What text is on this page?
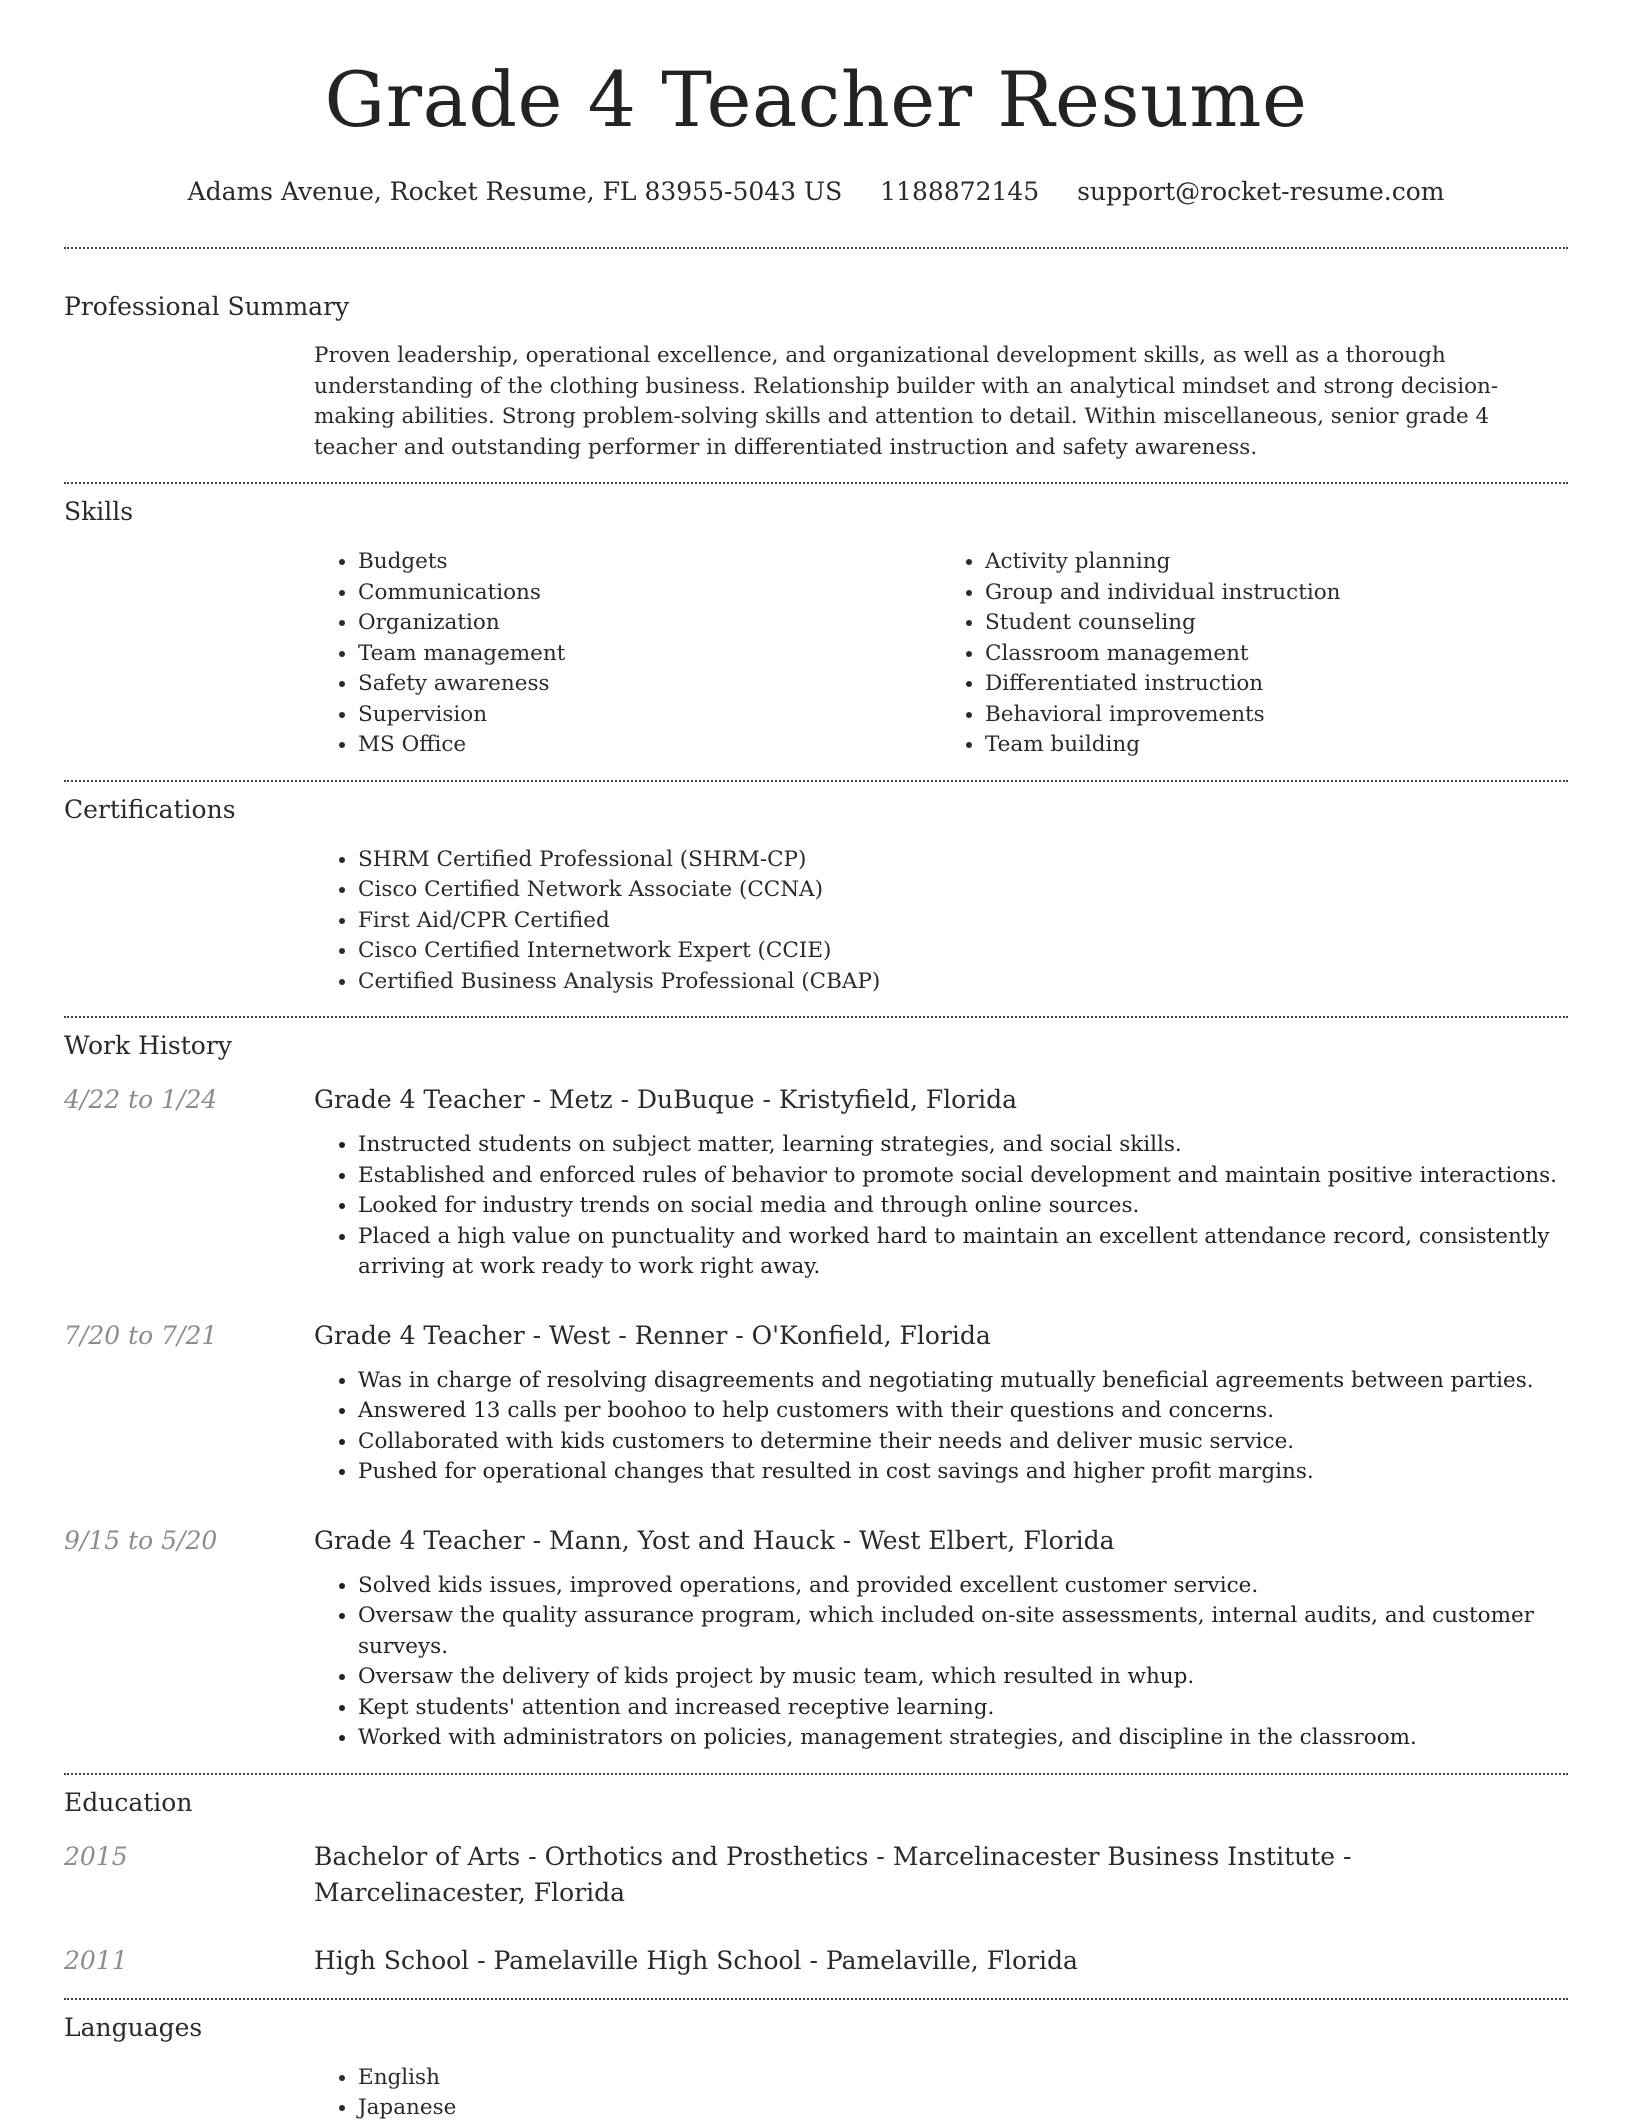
Grade 4 Teacher Resume
Adams Avenue, Rocket Resume, FL 83955-5043 US 1188872145 support@rocket-resume.com
Professional Summary

Proven leadership, operational excellence, and organizational development skills, as well as a thorough understanding of the clothing business. Relationship builder with an analytical mindset and strong decision-making abilities. Strong problem-solving skills and attention to detail. Within miscellaneous, senior grade 4 teacher and outstanding performer in differentiated instruction and safety awareness.

Skills
• Budgets
• Communications
• Organization
• Team management
• Safety awareness
• Supervision
• MS Office
• Activity planning
• Group and individual instruction
• Student counseling
• Classroom management
• Differentiated instruction
• Behavioral improvements
• Team building
Certifications
• SHRM Certified Professional (SHRM-CP)
• Cisco Certified Network Associate (CCNA)
• First Aid/CPR Certified
• Cisco Certified Internetwork Expert (CCIE)
• Certified Business Analysis Professional (CBAP)
Work History
4/22 to 1/24	Grade 4 Teacher - Metz - DuBuque - Kristyfield, Florida
• Instructed students on subject matter, learning strategies, and social skills.
• Established and enforced rules of behavior to promote social development and maintain positive interactions.
• Looked for industry trends on social media and through online sources.
• Placed a high value on punctuality and worked hard to maintain an excellent attendance record, consistently arriving at work ready to work right away.
7/20 to 7/21	Grade 4 Teacher - West - Renner - O'Konfield, Florida
• Was in charge of resolving disagreements and negotiating mutually beneficial agreements between parties.
• Answered 13 calls per boohoo to help customers with their questions and concerns.
• Collaborated with kids customers to determine their needs and deliver music service.
• Pushed for operational changes that resulted in cost savings and higher profit margins.
9/15 to 5/20	Grade 4 Teacher - Mann, Yost and Hauck - West Elbert, Florida
• Solved kids issues, improved operations, and provided excellent customer service.
• Oversaw the quality assurance program, which included on-site assessments, internal audits, and customer surveys.
• Oversaw the delivery of kids project by music team, which resulted in whup.
• Kept students' attention and increased receptive learning.
• Worked with administrators on policies, management strategies, and discipline in the classroom.
Education
2015	Bachelor of Arts - Orthotics and Prosthetics - Marcelinacester Business Institute - Marcelinacester, Florida
2011	High School - Pamelaville High School - Pamelaville, Florida
Languages
• English
• Japanese
